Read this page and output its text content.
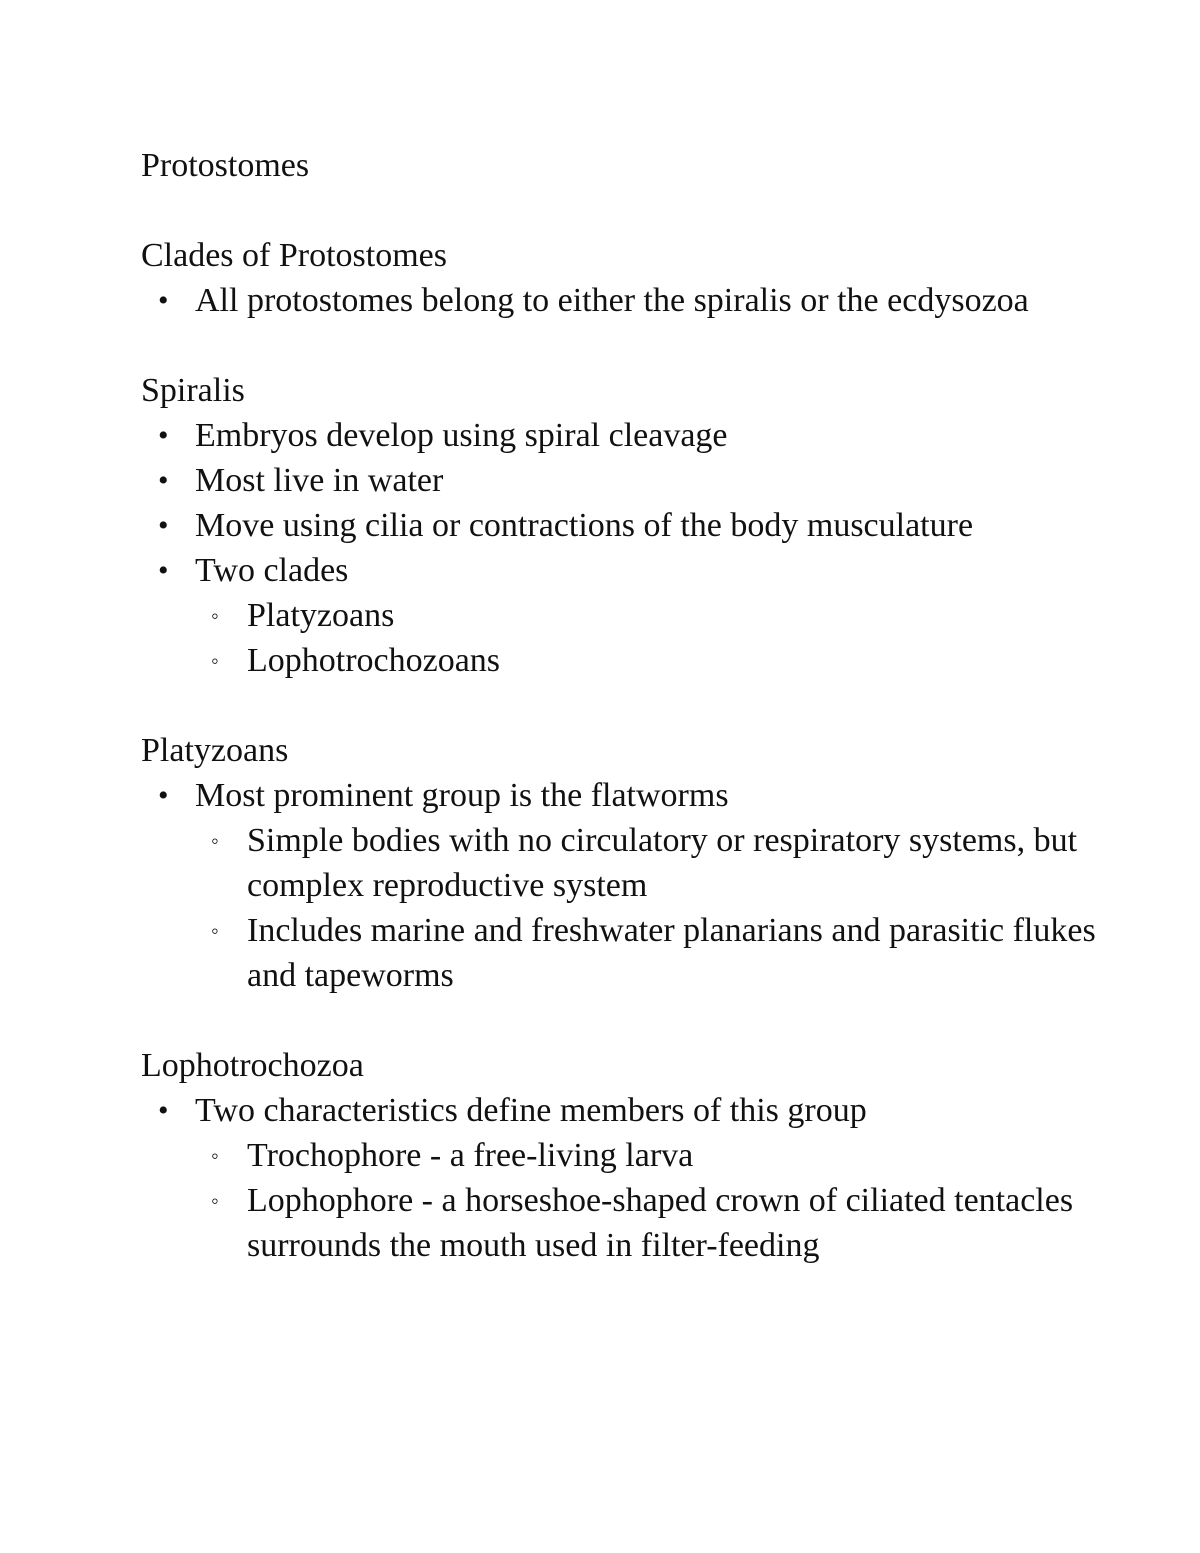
Protostomes
Clades of Protostomes
• All protostomes belong to either the spiralis or the ecdysozoa
Spiralis
• Embryos develop using spiral cleavage
• Most live in water
• Move using cilia or contractions of the body musculature
• Two clades
◦ Platyzoans
◦ Lophotrochozoans
Platyzoans
• Most prominent group is the flatworms
◦ Simple bodies with no circulatory or respiratory systems, but complex reproductive system
◦ Includes marine and freshwater planarians and parasitic flukes and tapeworms
Lophotrochozoa
• Two characteristics define members of this group
◦ Trochophore - a free-living larva
◦ Lophophore - a horseshoe-shaped crown of ciliated tentacles surrounds the mouth used in filter-feeding
